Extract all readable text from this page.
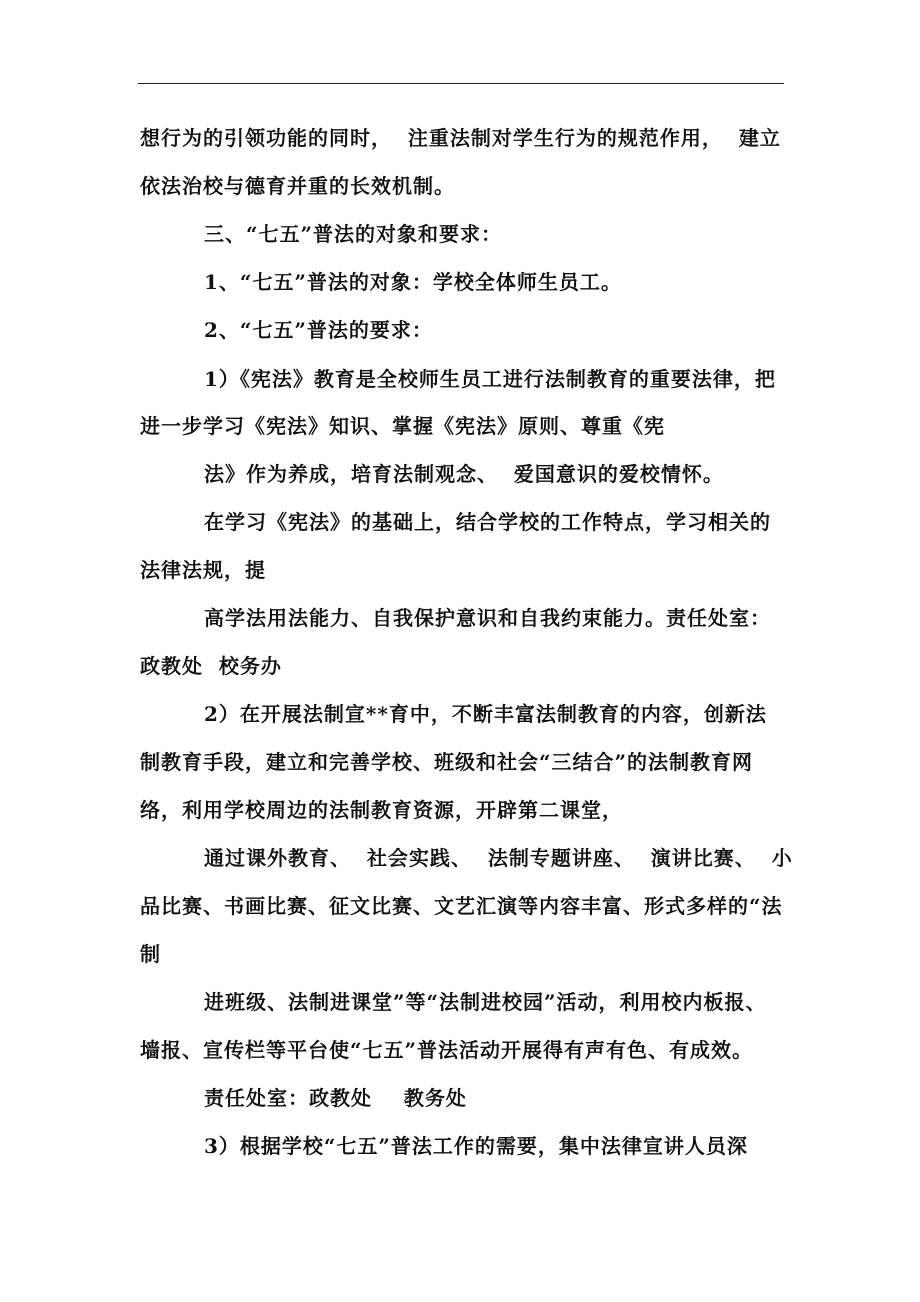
想行为的引领功能的同时，  注重法制对学生行为的规范作用，  建立
依法治校与德育并重的长效机制。
三、“七五”普法的对象和要求：
1、“七五”普法的对象：学校全体师生员工。
2、“七五”普法的要求：
1）《宪法》教育是全校师生员工进行法制教育的重要法律，把
进一步学习《宪法》知识、掌握《宪法》原则、尊重《宪
法》作为养成，培育法制观念、  爱国意识的爱校情怀。
在学习《宪法》的基础上，结合学校的工作特点，学习相关的
法律法规，提
高学法用法能力、自我保护意识和自我约束能力。责任处室：
政教处  校务办
2）在开展法制宣**育中，不断丰富法制教育的内容，创新法
制教育手段，建立和完善学校、班级和社会“三结合”的法制教育网
络，利用学校周边的法制教育资源，开辟第二课堂，
通过课外教育、  社会实践、  法制专题讲座、  演讲比赛、  小
品比赛、书画比赛、征文比赛、文艺汇演等内容丰富、形式多样的“法
制
进班级、法制进课堂”等“法制进校园”活动，利用校内板报、
墙报、宣传栏等平台使“七五”普法活动开展得有声有色、有成效。
责任处室：政教处    教务处
3）根据学校“七五”普法工作的需要，集中法律宣讲人员深
